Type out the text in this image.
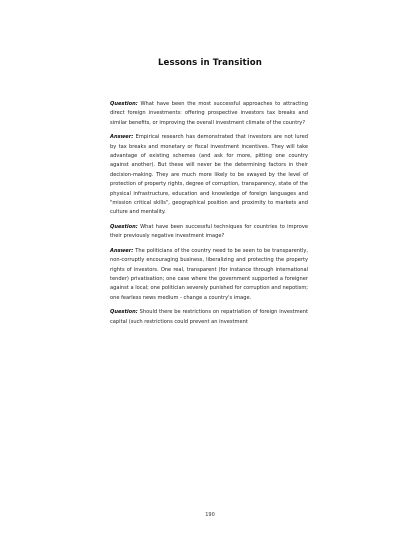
Lessons in Transition

Question: What have been the most successful approaches to attracting direct foreign investments: offering prospective investors tax breaks and similar benefits, or improving the overall investment climate of the country?

Answer: Empirical research has demonstrated that investors are not lured by tax breaks and monetary or fiscal investment incentives. They will take advantage of existing schemes (and ask for more, pitting one country against another). But these will never be the determining factors in their decision-making. They are much more likely to be swayed by the level of protection of property rights, degree of corruption, transparency, state of the physical infrastructure, education and knowledge of foreign languages and "mission critical skills", geographical position and proximity to markets and culture and mentality.

Question: What have been successful techniques for countries to improve their previously negative investment image?

Answer: The politicians of the country need to be seen to be transparently, non-corruptly encouraging business, liberalizing and protecting the property rights of investors. One real, transparent (for instance through international tender) privatisation; one case where the government supported a foreigner against a local; one politician severely punished for corruption and nepotism; one fearless news medium - change a country's image.

Question: Should there be restrictions on repatriation of foreign investment capital (such restrictions could prevent an investment

190
